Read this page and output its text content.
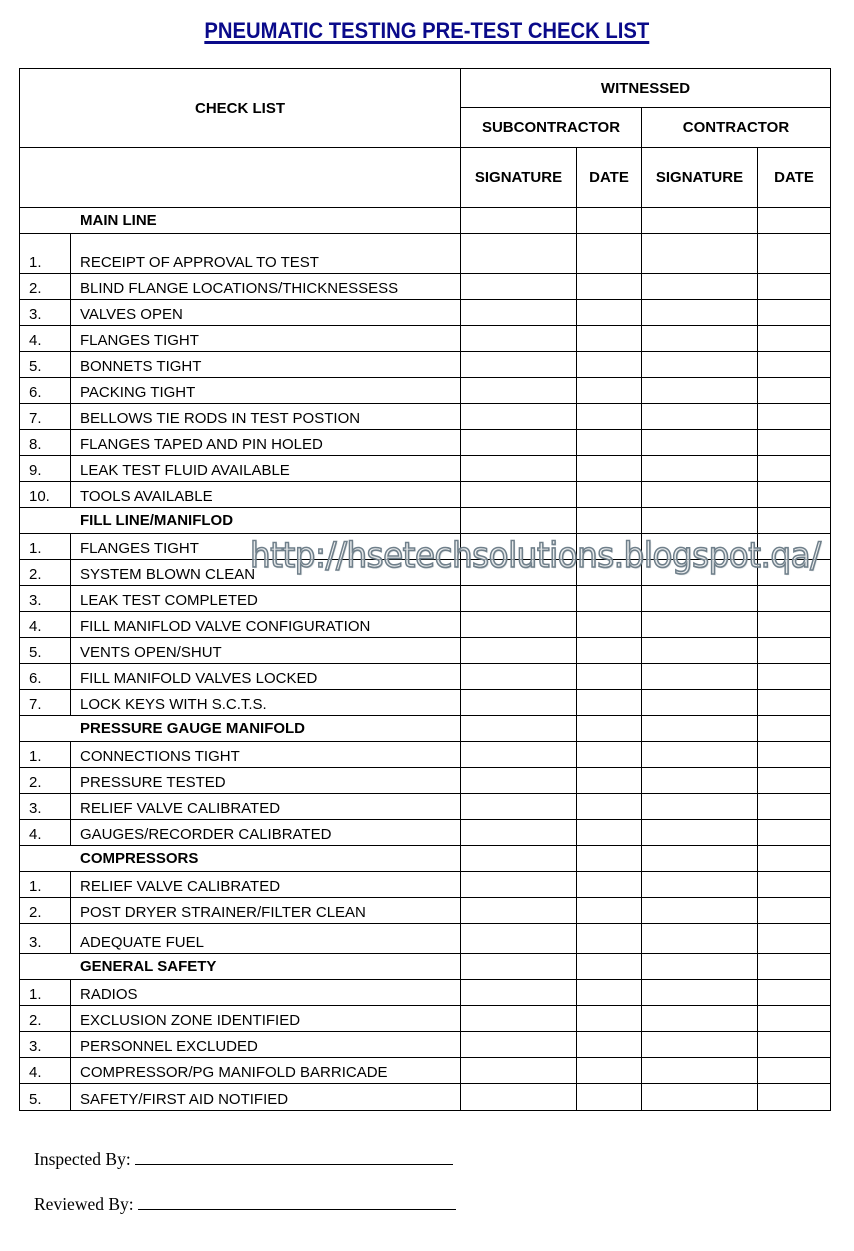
PNEUMATIC TESTING PRE-TEST CHECK LIST
CHECK LIST		WITNESSED			
		SUBCONTRACTOR		CONTRACTOR	
		SIGNATURE	DATE	SIGNATURE	DATE
MAIN LINE					
1.	RECEIPT OF APPROVAL TO TEST				
2.	BLIND FLANGE LOCATIONS/THICKNESSESS				
3.	VALVES OPEN				
4.	FLANGES TIGHT				
5.	BONNETS TIGHT				
6.	PACKING TIGHT				
7.	BELLOWS TIE RODS IN TEST POSTION				
8.	FLANGES TAPED AND PIN HOLED				
9.	LEAK TEST FLUID AVAILABLE				
10.	TOOLS AVAILABLE				
FILL LINE/MANIFLOD					
1.	FLANGES TIGHT				
2.	SYSTEM BLOWN CLEAN				
3.	LEAK TEST COMPLETED				
4.	FILL MANIFLOD VALVE CONFIGURATION				
5.	VENTS OPEN/SHUT				
6.	FILL MANIFOLD VALVES LOCKED				
7.	LOCK KEYS WITH S.C.T.S.				
PRESSURE GAUGE MANIFOLD					
1.	CONNECTIONS TIGHT				
2.	PRESSURE TESTED				
3.	RELIEF VALVE CALIBRATED				
4.	GAUGES/RECORDER CALIBRATED				
COMPRESSORS					
1.	RELIEF VALVE CALIBRATED				
2.	POST DRYER STRAINER/FILTER CLEAN				
3.	ADEQUATE FUEL				
GENERAL SAFETY					
1.	RADIOS				
2.	EXCLUSION ZONE IDENTIFIED				
3.	PERSONNEL EXCLUDED				
4.	COMPRESSOR/PG MANIFOLD BARRICADE				
5.	SAFETY/FIRST AID NOTIFIED				
http://hsetechsolutions.blogspot.qa/
Inspected By:
Reviewed By:
